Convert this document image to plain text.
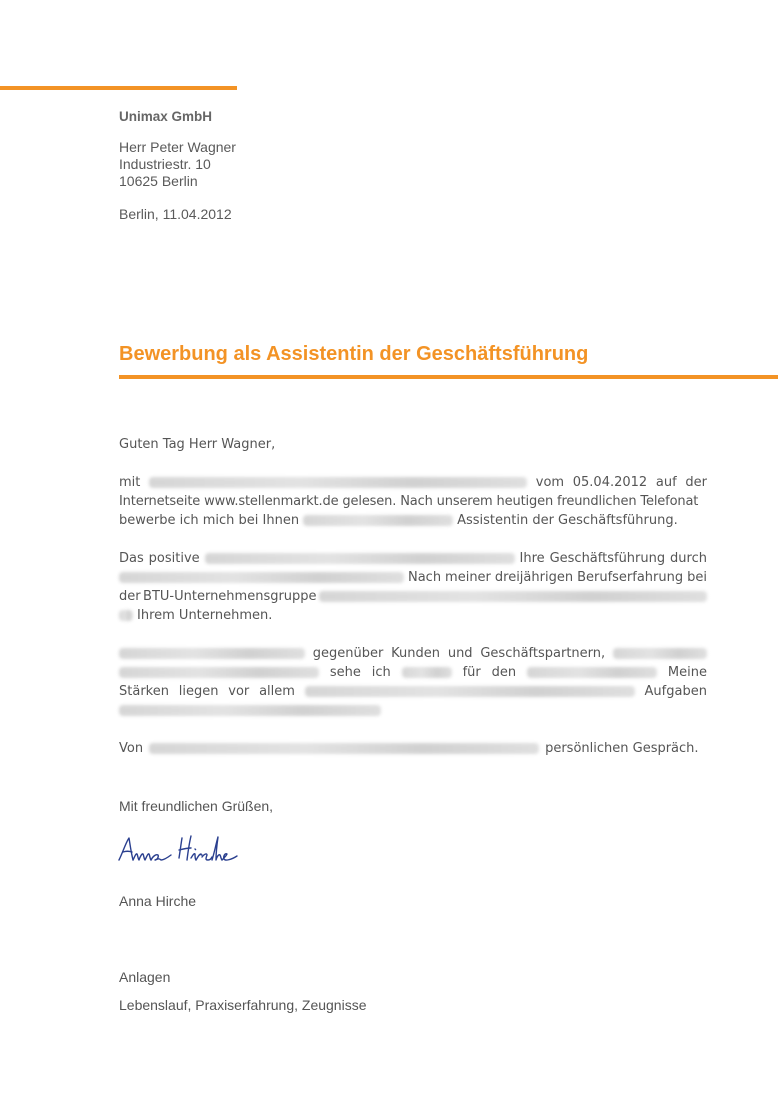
Unimax GmbH
Herr Peter Wagner
Industriestr. 10
10625 Berlin
Berlin, 11.04.2012
Bewerbung als Assistentin der Geschäftsführung
Guten Tag Herr Wagner,
mit	vom 05.04.2012 auf der
Internetseite www.stellenmarkt.de gelesen. Nach unserem heutigen freundlichen Telefonat
bewerbe ich mich bei Ihnen	Assistentin der Geschäftsführung.
Das positive	Ihre Geschäftsführung durch
Nach meiner dreijährigen Berufserfahrung bei
der BTU-Unternehmensgruppe
Ihrem Unternehmen.
gegenüber Kunden und Geschäftspartnern,
sehe ich	für den	Meine
Stärken liegen vor allem	Aufgaben
Von	persönlichen Gespräch.
Mit freundlichen Grüßen,
Anna Hirche
Anlagen
Lebenslauf, Praxiserfahrung, Zeugnisse
